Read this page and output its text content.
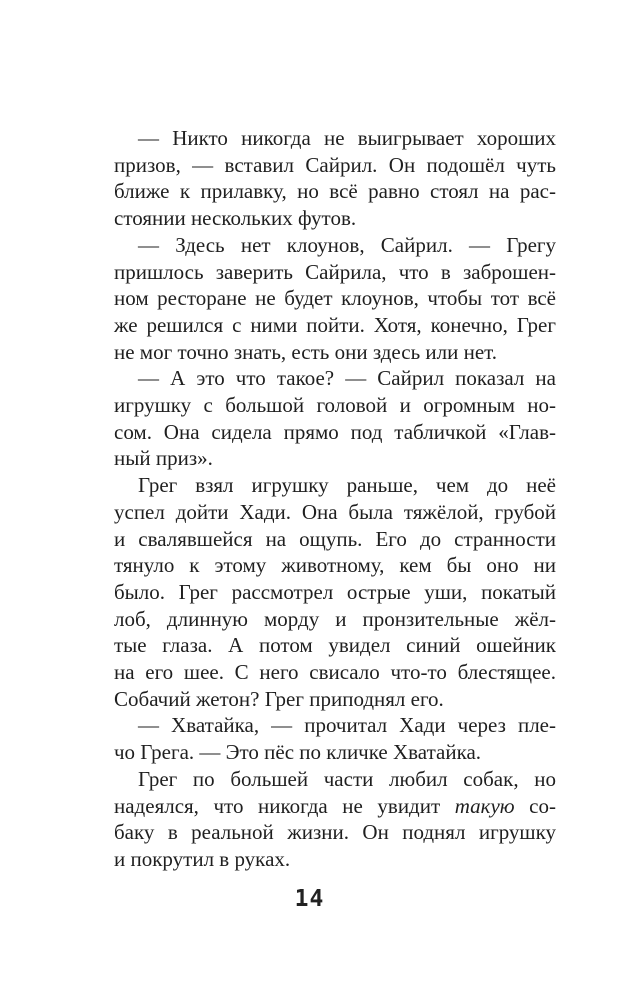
— Никто никогда не выигрывает хороших
призов, — вставил Сайрил. Он подошёл чуть
ближе к прилавку, но всё равно стоял на рас-
стоянии нескольких футов.
— Здесь нет клоунов, Сайрил. — Грегу
пришлось заверить Сайрила, что в заброшен-
ном ресторане не будет клоунов, чтобы тот всё
же решился с ними пойти. Хотя, конечно, Грег
не мог точно знать, есть они здесь или нет.
— А это что такое? — Сайрил показал на
игрушку с большой головой и огромным но-
сом. Она сидела прямо под табличкой «Глав-
ный приз».
Грег взял игрушку раньше, чем до неё
успел дойти Хади. Она была тяжёлой, грубой
и свалявшейся на ощупь. Его до странности
тянуло к этому животному, кем бы оно ни
было. Грег рассмотрел острые уши, покатый
лоб, длинную морду и пронзительные жёл-
тые глаза. А потом увидел синий ошейник
на его шее. С него свисало что-то блестящее.
Собачий жетон? Грег приподнял его.
— Хватайка, — прочитал Хади через пле-
чо Грега. — Это пёс по кличке Хватайка.
Грег по большей части любил собак, но
надеялся, что никогда не увидит такую со-
баку в реальной жизни. Он поднял игрушку
и покрутил в руках.
14
